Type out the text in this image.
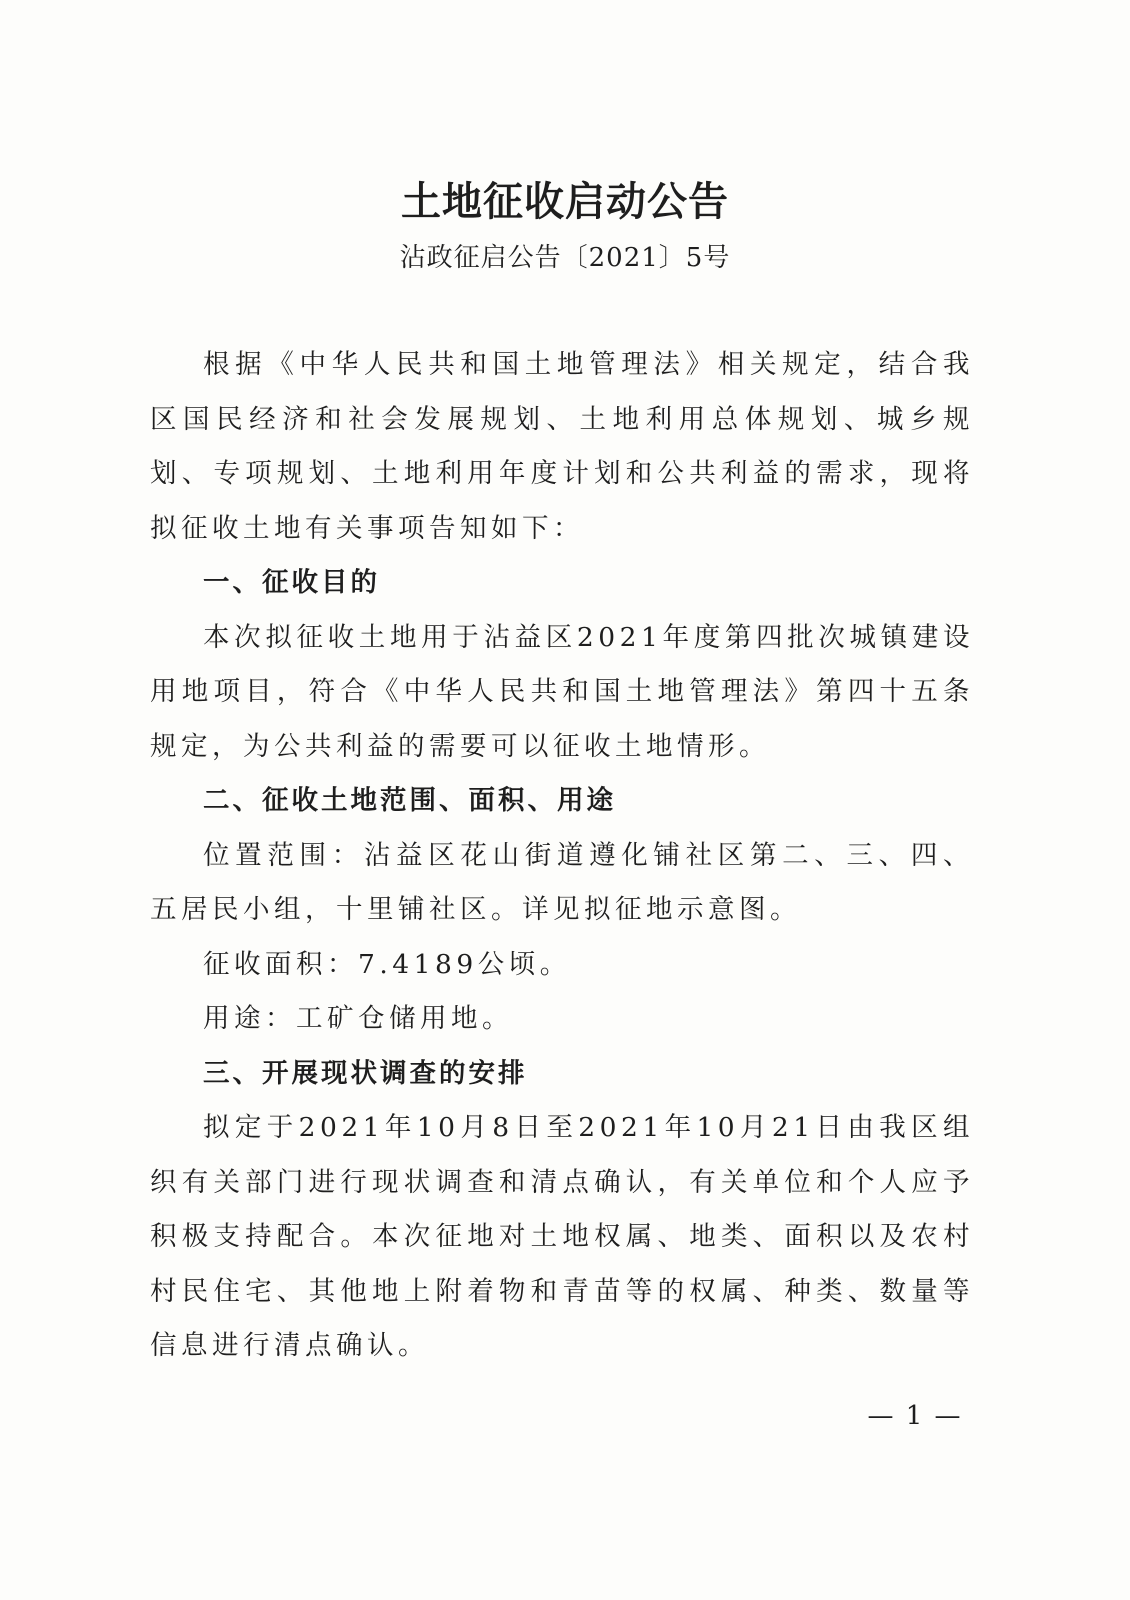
土地征收启动公告
沾政征启公告〔2021〕5号

根据《中华人民共和国土地管理法》相关规定，结合我区国民经济和社会发展规划、土地利用总体规划、城乡规划、专项规划、土地利用年度计划和公共利益的需求，现将拟征收土地有关事项告知如下：

一、征收目的

本次拟征收土地用于沾益区2021年度第四批次城镇建设用地项目，符合《中华人民共和国土地管理法》第四十五条规定，为公共利益的需要可以征收土地情形。

二、征收土地范围、面积、用途

位置范围：沾益区花山街道遵化铺社区第二、三、四、五居民小组，十里铺社区。详见拟征地示意图。

征收面积：7.4189公顷。

用途：工矿仓储用地。

三、开展现状调查的安排

拟定于2021年10月8日至2021年10月21日由我区组织有关部门进行现状调查和清点确认，有关单位和个人应予积极支持配合。本次征地对土地权属、地类、面积以及农村村民住宅、其他地上附着物和青苗等的权属、种类、数量等信息进行清点确认。

— 1 —
